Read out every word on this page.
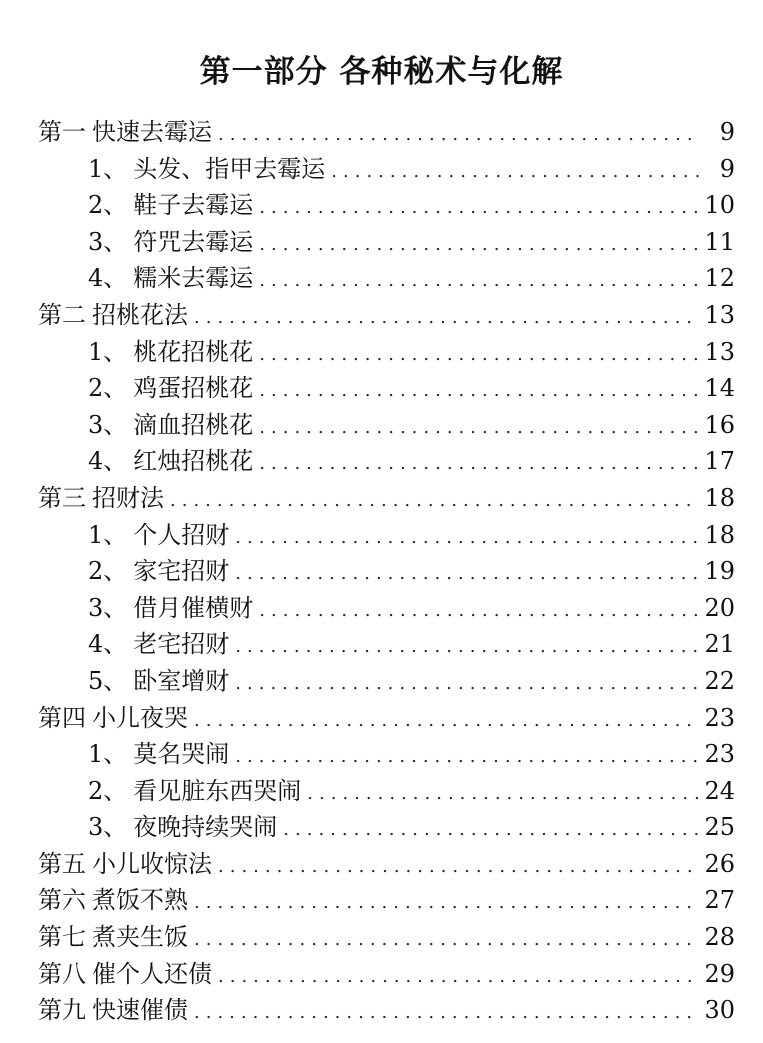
第一部分 各种秘术与化解
第一 快速去霉运 .....	9
1、 头发、指甲去霉运 .....	9
2、 鞋子去霉运 .....	10
3、 符咒去霉运 .....	11
4、 糯米去霉运 .....	12
第二 招桃花法 .....	13
1、 桃花招桃花 .....	13
2、 鸡蛋招桃花 .....	14
3、 滴血招桃花 .....	16
4、 红烛招桃花 .....	17
第三 招财法 .....	18
1、 个人招财 .....	18
2、 家宅招财 .....	19
3、 借月催横财 .....	20
4、 老宅招财 .....	21
5、 卧室增财 .....	22
第四 小儿夜哭 .....	23
1、 莫名哭闹 .....	23
2、 看见脏东西哭闹 .....	24
3、 夜晚持续哭闹 .....	25
第五 小儿收惊法 .....	26
第六 煮饭不熟 .....	27
第七 煮夹生饭 .....	28
第八 催个人还债 .....	29
第九 快速催债 .....	30
